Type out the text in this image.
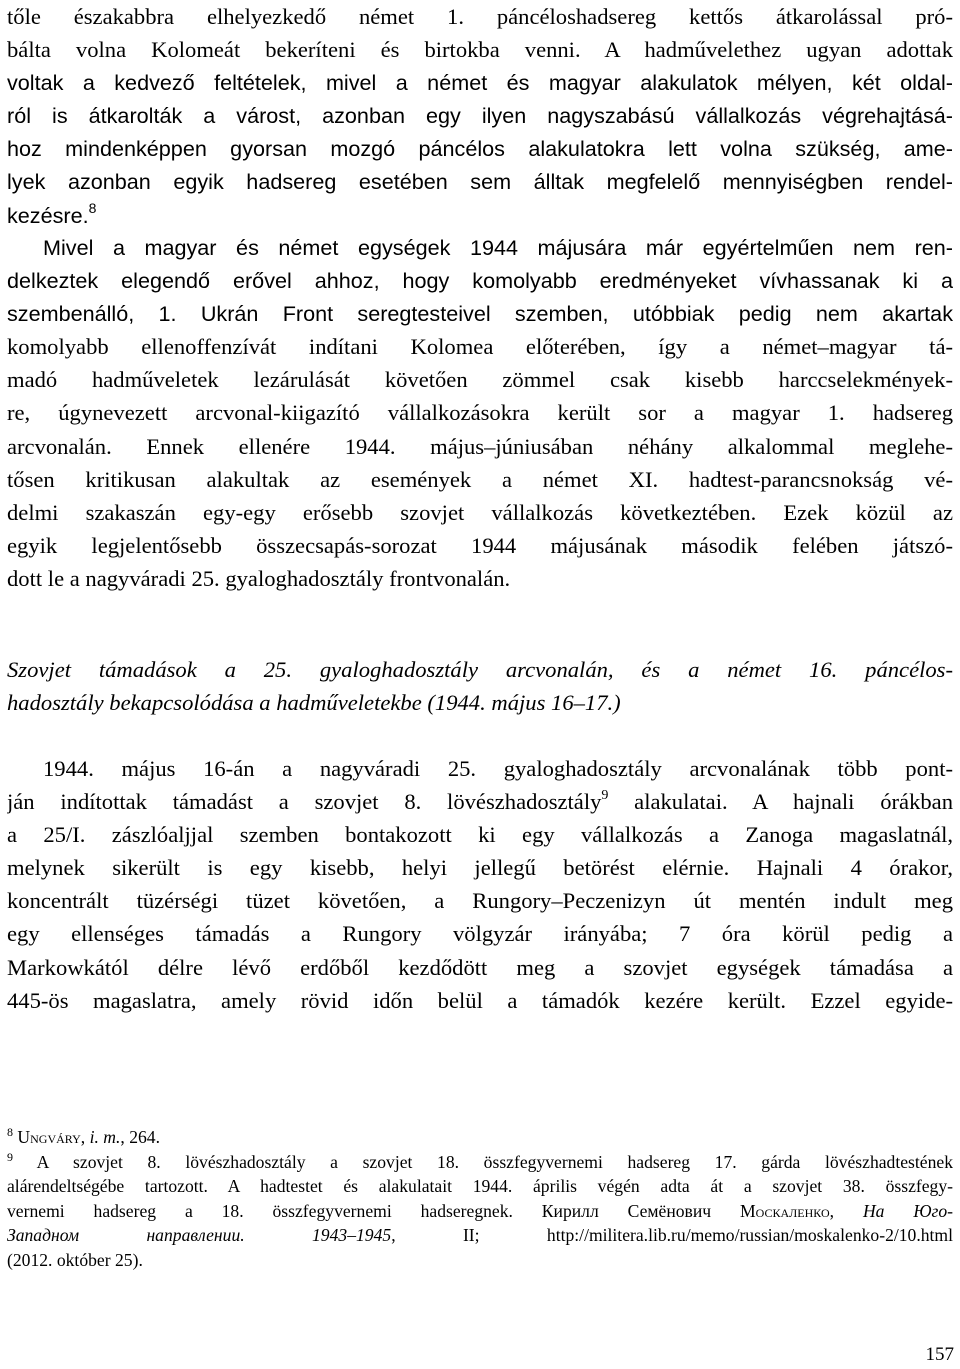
tőle északabbra elhelyezkedő német 1. páncéloshadsereg kettős átkarolással pró-
bálta volna Kolomeát bekeríteni és birtokba venni. A hadművelethez ugyan adottak
voltak a kedvező feltételek, mivel a német és magyar alakulatok mélyen, két oldal-
ról is átkarolták a várost, azonban egy ilyen nagyszabású vállalkozás végrehajtásá-
hoz mindenképpen gyorsan mozgó páncélos alakulatokra lett volna szükség, ame-
lyek azonban egyik hadsereg esetében sem álltak megfelelő mennyiségben rendel-
kezésre.$^8$
Mivel a magyar és német egységek 1944 májusára már egyértelműen nem ren-
delkeztek elegendő erővel ahhoz, hogy komolyabb eredményeket vívhassanak ki a
szembenálló, 1. Ukrán Front seregtesteivel szemben, utóbbiak pedig nem akartak
komolyabb ellenoffenzívát indítani Kolomea előterében, így a német–magyar tá-
madó hadműveletek lezárulását követően zömmel csak kisebb harccselekmények-
re, úgynevezett arcvonal-kiigazító vállalkozásokra került sor a magyar 1. hadsereg
arcvonalán. Ennek ellenére 1944. május–júniusában néhány alkalommal meglehe-
tősen kritikusan alakultak az események a német XI. hadtest-parancsnokság vé-
delmi szakaszán egy-egy erősebb szovjet vállalkozás következtében. Ezek közül az
egyik legjelentősebb összecsapás-sorozat 1944 májusának második felében játszó-
dott le a nagyváradi 25. gyaloghadosztály frontvonalán.
Szovjet támadások a 25. gyaloghadosztály arcvonalán, és a német 16. páncélos-
hadosztály bekapcsolódása a hadműveletekbe (1944. május 16–17.)
1944. május 16-án a nagyváradi 25. gyaloghadosztály arcvonalának több pont-
ján indítottak támadást a szovjet 8. lövészhadosztály$^9$ alakulatai. A hajnali órákban
a 25/I. zászlóaljjal szemben bontakozott ki egy vállalkozás a Zanoga magaslatnál,
melynek sikerült is egy kisebb, helyi jellegű betörést elérnie. Hajnali 4 órakor,
koncentrált tüzérségi tüzet követően, a Rungory–Peczenizyn út mentén indult meg
egy ellenséges támadás a Rungory völgyzár irányába; 7 óra körül pedig a
Markowkától délre lévő erdőből kezdődött meg a szovjet egységek támadása a
445-ös magaslatra, amely rövid időn belül a támadók kezére került. Ezzel egyide-
$^8$ Ungváry, i. m., 264.
$^9$ A szovjet 8. lövészhadosztály a szovjet 18. összfegyvernemi hadsereg 17. gárda lövészhadtestének
alárendeltségébe tartozott. A hadtestet és alakulatait 1944. április végén adta át a szovjet 38. összfegy-
vernemi hadsereg a 18. összfegyvernemi hadseregnek. Кирилл Семёнович Москаленко, На Юго-
Западном направлении. 1943–1945, II; http://militera.lib.ru/memo/russian/moskalenko-2/10.html
(2012. október 25).
157
